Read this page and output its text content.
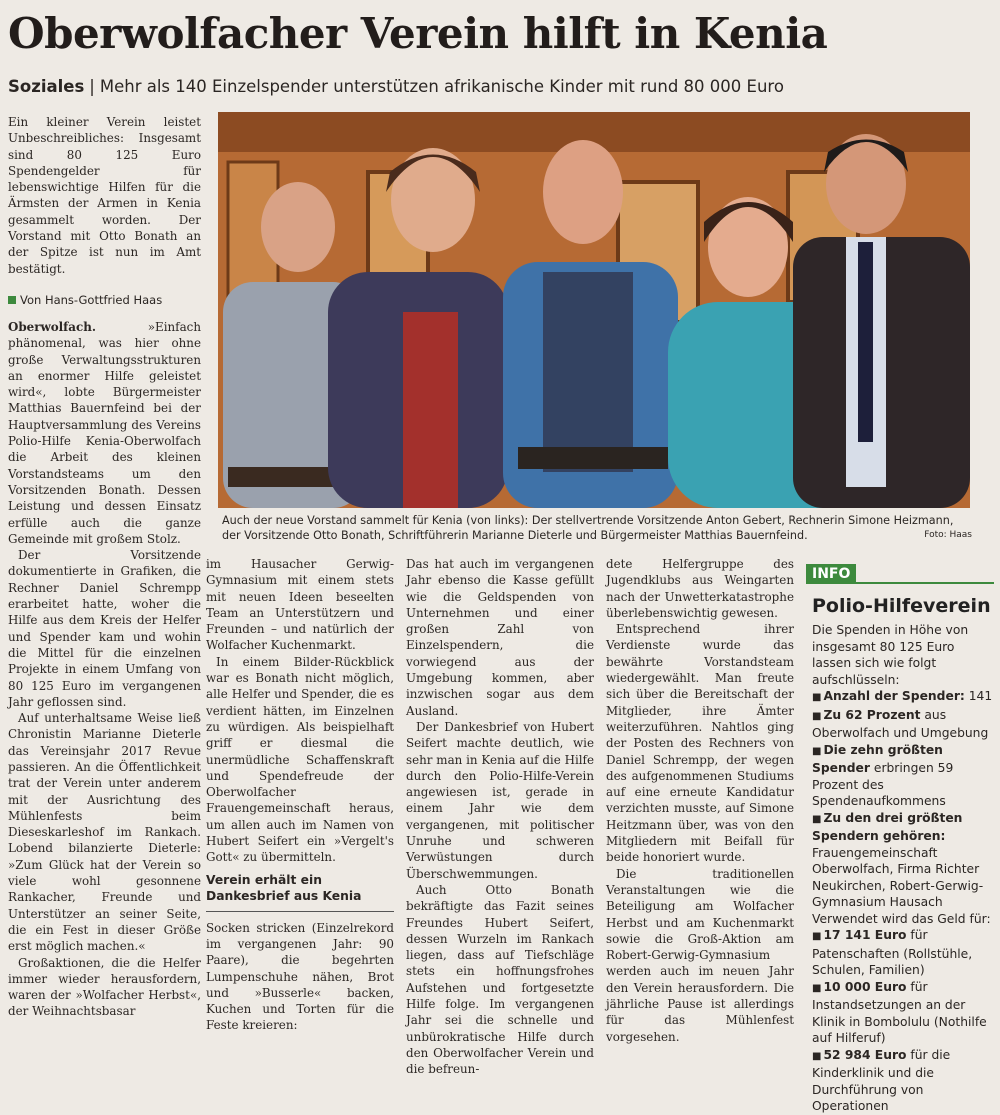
Oberwolfacher Verein hilft in Kenia
Soziales | Mehr als 140 Einzelspender unterstützen afrikanische Kinder mit rund 80 000 Euro

Ein kleiner Verein leistet Unbeschreibliches: Insgesamt sind 80 125 Euro Spendengelder für lebenswichtige Hilfen für die Ärmsten der Armen in Kenia gesammelt worden. Der Vorstand mit Otto Bonath an der Spitze ist nun im Amt bestätigt.

Von Hans-Gottfried Haas

Oberwolfach.	»Einfach phänomenal, was hier ohne große Verwaltungsstrukturen an enormer Hilfe geleistet wird«, lobte Bürgermeister Matthias Bauernfeind bei der Hauptversammlung des Vereins Polio-Hilfe Kenia-Oberwolfach die Arbeit des kleinen Vorstandsteams um den Vorsitzenden Bonath. Dessen Leistung und dessen Einsatz erfülle auch die ganze Gemeinde mit großem Stolz.

Der Vorsitzende dokumentierte in Grafiken, die Rechner Daniel Schrempp erarbeitet hatte, woher die Hilfe aus dem Kreis der Helfer und Spender kam und wohin die Mittel für die einzelnen Projekte in einem Umfang von 80 125 Euro im vergangenen Jahr geflossen sind.

Auf unterhaltsame Weise ließ Chronistin Marianne Dieterle das Vereinsjahr 2017 Revue passieren. An die Öffentlichkeit trat der Verein unter anderem mit der Ausrichtung des Mühlenfests beim Dieseskarleshof im Rankach. Lobend bilanzierte Dieterle: »Zum Glück hat der Verein so viele wohl gesonnene Rankacher, Freunde und Unterstützer an seiner Seite, die ein Fest in dieser Größe erst möglich machen.«

Großaktionen, die die Helfer immer wieder herausfordern, waren der »Wolfacher Herbst«, der Weihnachtsbasar

Auch der neue Vorstand sammelt für Kenia (von links): Der stellvertrende Vorsitzende Anton Gebert, Rechnerin Simone Heizmann, der Vorsitzende Otto Bonath, Schriftführerin Marianne Dieterle und Bürgermeister Matthias Bauernfeind.	Foto: Haas

im Hausacher Gerwig-Gymnasium mit einem stets mit neuen Ideen beseelten Team an Unterstützern und Freunden – und natürlich der Wolfacher Kuchenmarkt.

In einem Bilder-Rückblick war es Bonath nicht möglich, alle Helfer und Spender, die es verdient hätten, im Einzelnen zu würdigen. Als beispielhaft griff er diesmal die unermüdliche Schaffenskraft und Spendefreude der Oberwolfacher Frauengemeinschaft heraus, um allen auch im Namen von Hubert Seifert ein »Vergelt's Gott« zu übermitteln.

Verein erhält ein Dankesbrief aus Kenia

Socken stricken (Einzelrekord im vergangenen Jahr: 90 Paare), die begehrten Lumpenschuhe nähen, Brot und »Busserle« backen, Kuchen und Torten für die Feste kreieren:

Das hat auch im vergangenen Jahr ebenso die Kasse gefüllt wie die Geldspenden von Unternehmen und einer großen Zahl von Einzelspendern, die vorwiegend aus der Umgebung kommen, aber inzwischen sogar aus dem Ausland.

Der Dankesbrief von Hubert Seifert machte deutlich, wie sehr man in Kenia auf die Hilfe durch den Polio-Hilfe-Verein angewiesen ist, gerade in einem Jahr wie dem vergangenen, mit politischer Unruhe und schweren Verwüstungen durch Überschwemmungen.

Auch Otto Bonath bekräftigte das Fazit seines Freundes Hubert Seifert, dessen Wurzeln im Rankach liegen, dass auf Tiefschläge stets ein hoffnungsfrohes Aufstehen und fortgesetzte Hilfe folge. Im vergangenen Jahr sei die schnelle und unbürokratische Hilfe durch den Oberwolfacher Verein und die befreun-

dete Helfergruppe des Jugendklubs aus Weingarten nach der Unwetterkatastrophe überlebenswichtig gewesen.

Entsprechend ihrer Verdienste wurde das bewährte Vorstandsteam wiedergewählt. Man freute sich über die Bereitschaft der Mitglieder, ihre Ämter weiterzuführen. Nahtlos ging der Posten des Rechners von Daniel Schrempp, der wegen des aufgenommenen Studiums auf eine erneute Kandidatur verzichten musste, auf Simone Heitzmann über, was von den Mitgliedern mit Beifall für beide honoriert wurde.

Die traditionellen Veranstaltungen wie die Beteiligung am Wolfacher Herbst und am Kuchenmarkt sowie die Groß-Aktion am Robert-Gerwig-Gymnasium werden auch im neuen Jahr den Verein herausfordern. Die jährliche Pause ist allerdings für das Mühlenfest vorgesehen.

INFO
Polio-Hilfeverein

Die Spenden in Höhe von insgesamt 80 125 Euro lassen sich wie folgt aufschlüsseln:

■ Anzahl der Spender: 141

■ Zu 62 Prozent aus Oberwolfach und Umgebung

■ Die zehn größten Spender erbringen 59 Prozent des Spendenaufkommens

■ Zu den drei größten Spendern gehören: Frauengemeinschaft Oberwolfach, Firma Richter Neukirchen, Robert-Gerwig-Gymnasium Hausach

Verwendet wird das Geld für:

■ 17 141 Euro für Patenschaften (Rollstühle, Schulen, Familien)

■ 10 000 Euro für Instandsetzungen an der Klinik in Bombolulu (Nothilfe auf Hilferuf)

■ 52 984 Euro für die Kinderklinik und die Durchführung von Operationen
